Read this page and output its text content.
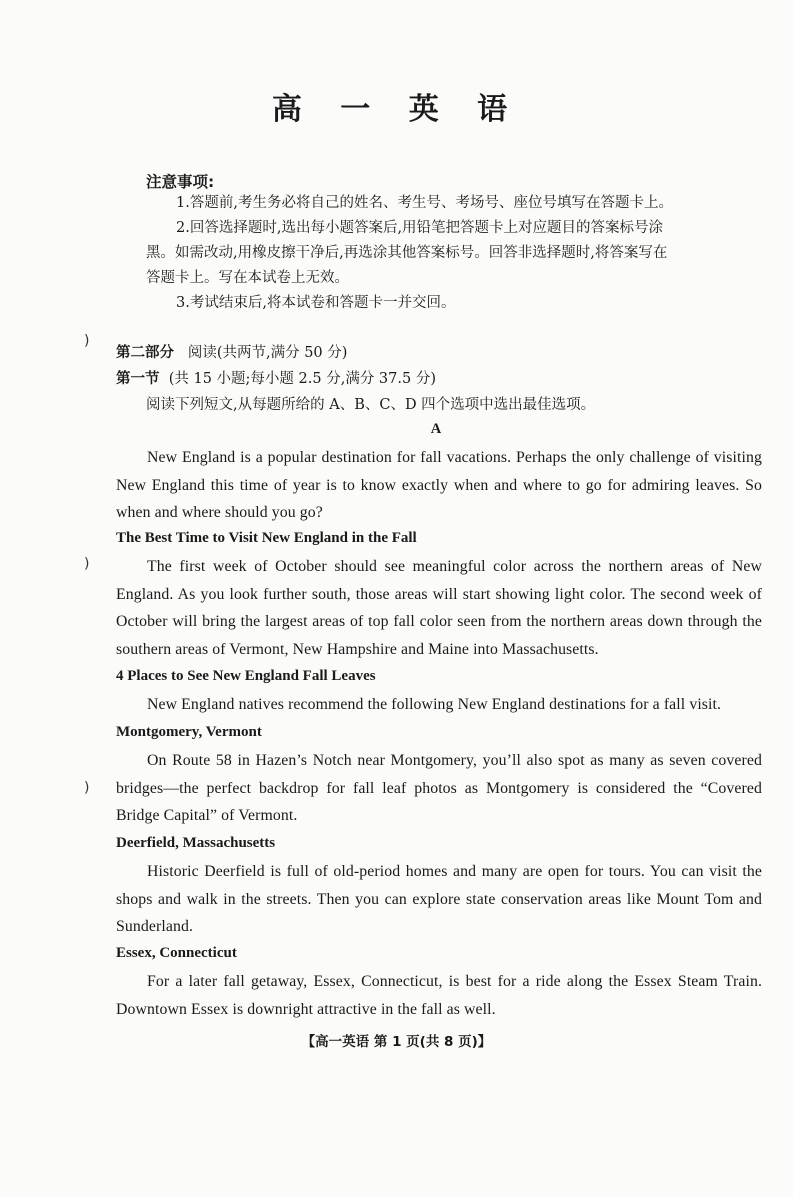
高 一 英 语
注意事项:
1.答题前,考生务必将自己的姓名、考生号、考场号、座位号填写在答题卡上。
2.回答选择题时,选出每小题答案后,用铅笔把答题卡上对应题目的答案标号涂
黑。如需改动,用橡皮擦干净后,再选涂其他答案标号。回答非选择题时,将答案写在
答题卡上。写在本试卷上无效。
3.考试结束后,将本试卷和答题卡一并交回。
)
)
)
第二部分 阅读(共两节,满分 50 分)
第一节 (共 15 小题;每小题 2.5 分,满分 37.5 分)
阅读下列短文,从每题所给的 A、B、C、D 四个选项中选出最佳选项。
A
New England is a popular destination for fall vacations. Perhaps the only challenge of visiting New England this time of year is to know exactly when and where to go for admiring leaves. So when and where should you go?
The Best Time to Visit New England in the Fall
The first week of October should see meaningful color across the northern areas of New England. As you look further south, those areas will start showing light color. The second week of October will bring the largest areas of top fall color seen from the northern areas down through the southern areas of Vermont, New Hampshire and Maine into Massachusetts.
4 Places to See New England Fall Leaves
New England natives recommend the following New England destinations for a fall visit.
Montgomery, Vermont
On Route 58 in Hazen’s Notch near Montgomery, you’ll also spot as many as seven covered bridges—the perfect backdrop for fall leaf photos as Montgomery is considered the “Covered Bridge Capital” of Vermont.
Deerfield, Massachusetts
Historic Deerfield is full of old-period homes and many are open for tours. You can visit the shops and walk in the streets. Then you can explore state conservation areas like Mount Tom and Sunderland.
Essex, Connecticut
For a later fall getaway, Essex, Connecticut, is best for a ride along the Essex Steam Train. Downtown Essex is downright attractive in the fall as well.
【高一英语 第 1 页(共 8 页)】
